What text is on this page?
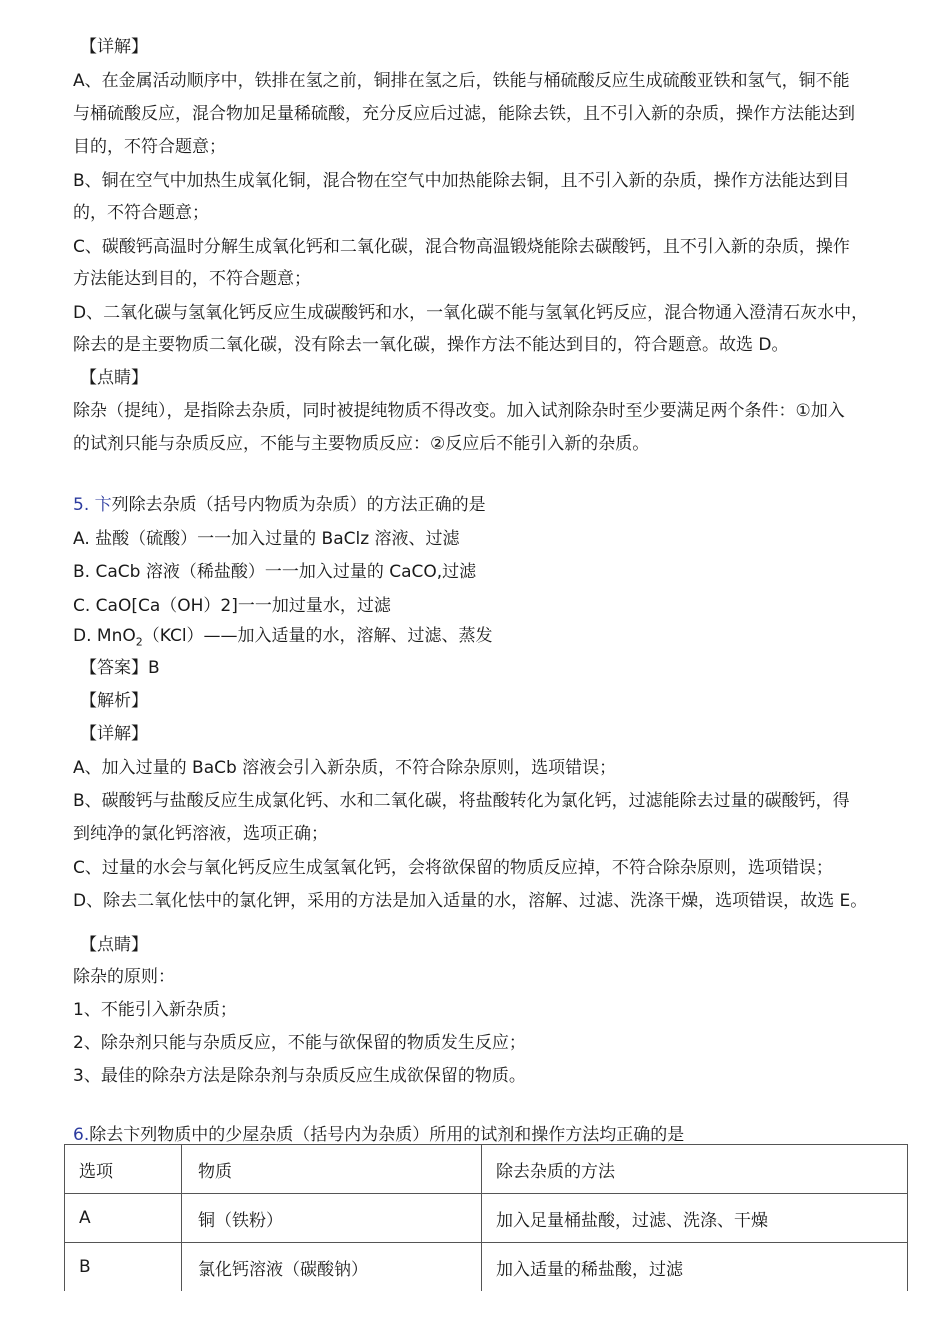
【详解】
A、在金属活动顺序中，铁排在氢之前，铜排在氢之后，铁能与桶硫酸反应生成硫酸亚铁和氢气，铜不能
与桶硫酸反应，混合物加足量稀硫酸，充分反应后过滤，能除去铁，且不引入新的杂质，操作方法能达到
目的，不符合题意；
B、铜在空气中加热生成氧化铜，混合物在空气中加热能除去铜，且不引入新的杂质，操作方法能达到目
的，不符合题意；
C、碳酸钙高温时分解生成氧化钙和二氧化碳，混合物高温锻烧能除去碳酸钙，且不引入新的杂质，操作
方法能达到目的，不符合题意；
D、二氧化碳与氢氧化钙反应生成碳酸钙和水，一氧化碳不能与氢氧化钙反应，混合物通入澄清石灰水中，
除去的是主要物质二氧化碳，没有除去一氧化碳，操作方法不能达到目的，符合题意。故选 D。
【点睛】
除杂（提纯），是指除去杂质，同时被提纯物质不得改变。加入试剂除杂时至少要满足两个条件：①加入
的试剂只能与杂质反应，不能与主要物质反应：②反应后不能引入新的杂质。
5. 卞列除去杂质（括号内物质为杂质）的方法正确的是
A. 盐酸（硫酸）一一加入过量的 BaClz 溶液、过滤
B. CaCb 溶液（稀盐酸）一一加入过量的 CaCO,过滤
C. CaO[Ca（OH）2]一一加过量水，过滤
D. MnO$_2$（KCl）——加入适量的水，溶解、过滤、蒸发
【答案】B
【解析】
【详解】
A、加入过量的 BaCb 溶液会引入新杂质，不符合除杂原则，选项错误；
B、碳酸钙与盐酸反应生成氯化钙、水和二氧化碳，将盐酸转化为氯化钙，过滤能除去过量的碳酸钙，得
到纯净的氯化钙溶液，选项正确；
C、过量的水会与氧化钙反应生成氢氧化钙，会将欲保留的物质反应掉，不符合除杂原则，选项错误；
D、除去二氧化怯中的氯化钾，采用的方法是加入适量的水，溶解、过滤、洗涤干燥，选项错误，故选 E。
【点睛】
除杂的原则：
1、不能引入新杂质；
2、除杂剂只能与杂质反应，不能与欲保留的物质发生反应；
3、最佳的除杂方法是除杂剂与杂质反应生成欲保留的物质。
6.除去卞列物质中的少屋杂质（括号内为杂质）所用的试剂和操作方法均正确的是
选项	物质	除去杂质的方法
A	铜（铁粉）	加入足量桶盐酸，过滤、洗涤、干燥
B	氯化钙溶液（碳酸钠）	加入适量的稀盐酸，过滤
